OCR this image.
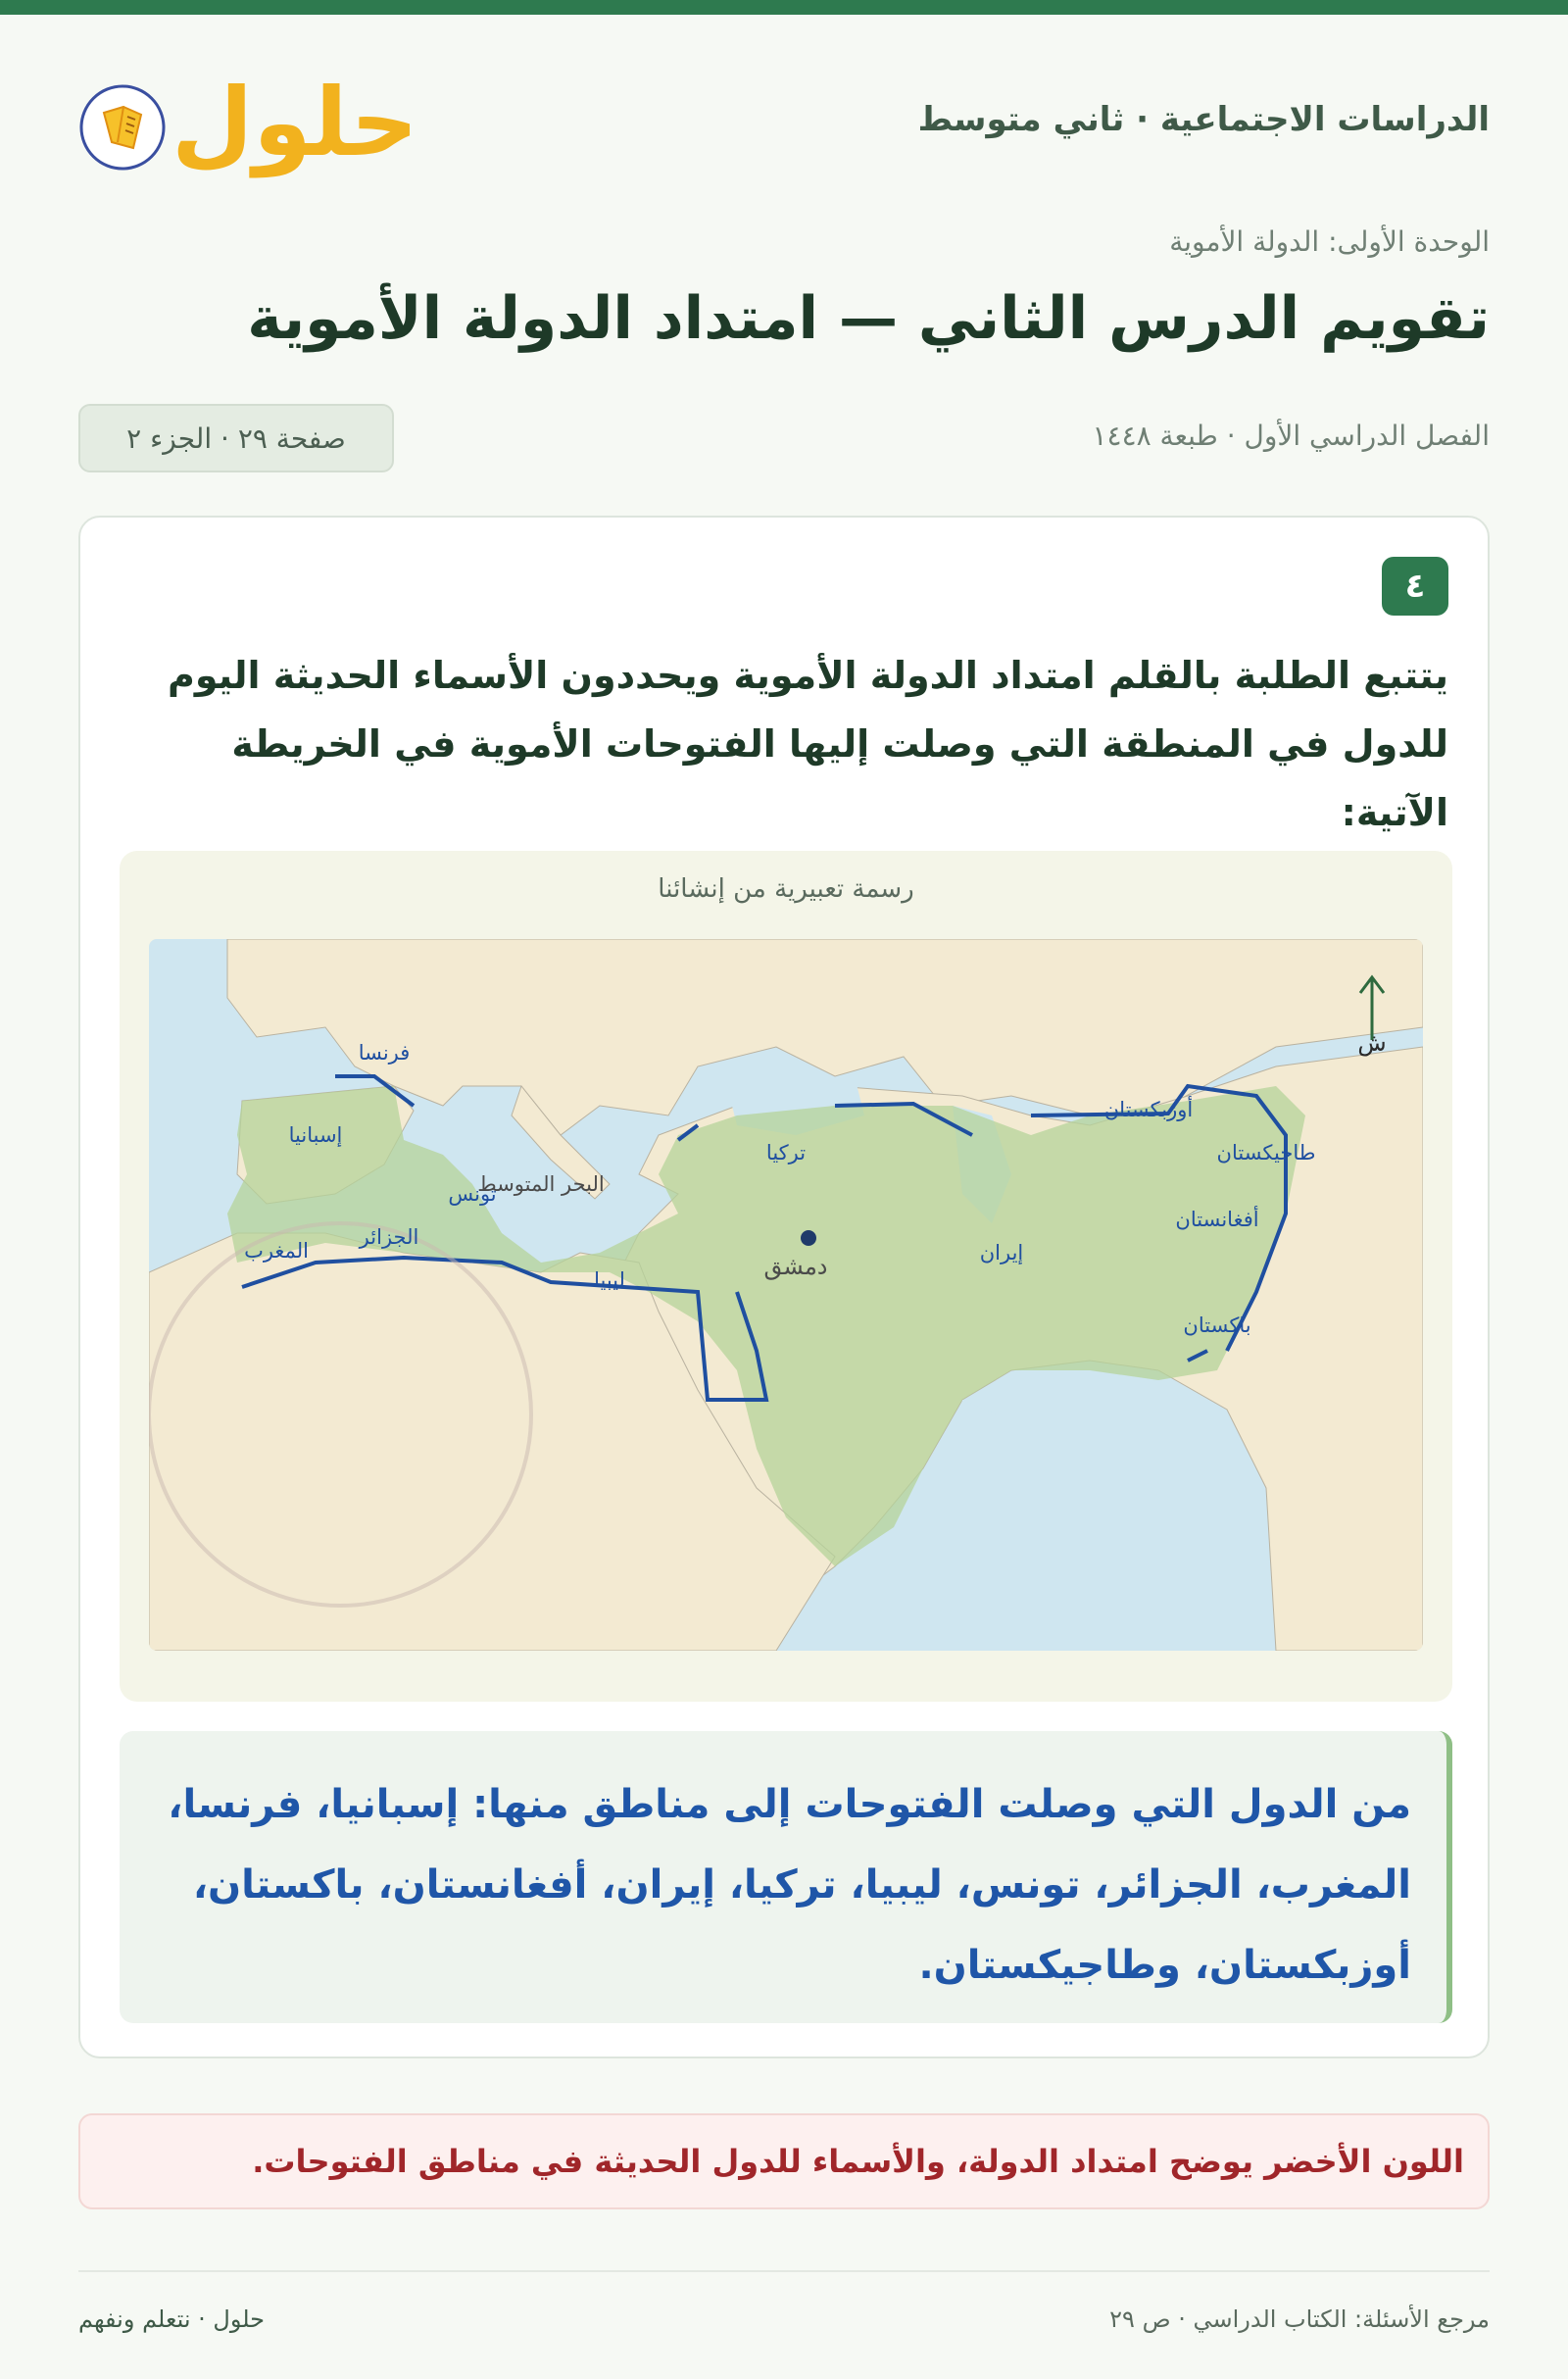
الدراسات الاجتماعية · ثاني متوسط
حلول
الوحدة الأولى: الدولة الأموية
تقويم الدرس الثاني — امتداد الدولة الأموية
الفصل الدراسي الأول · طبعة ١٤٤٨
صفحة ٢٩ · الجزء ٢
٤
يتتبع الطلبة بالقلم امتداد الدولة الأموية ويحددون الأسماء الحديثة اليوم للدول في المنطقة التي وصلت إليها الفتوحات الأموية في الخريطة الآتية:
رسمة تعبيرية من إنشائنا
فرنسا
إسبانيا
المغرب
الجزائر
تونس
البحر المتوسط
ليبيا
تركيا
دمشق	إيران
أوزبكستان
طاجيكستان
أفغانستان
باكستان
ش
من الدول التي وصلت الفتوحات إلى مناطق منها: إسبانيا، فرنسا، المغرب، الجزائر، تونس، ليبيا، تركيا، إيران، أفغانستان، باكستان، أوزبكستان، وطاجيكستان.
اللون الأخضر يوضح امتداد الدولة، والأسماء للدول الحديثة في مناطق الفتوحات.
مرجع الأسئلة: الكتاب الدراسي · ص ٢٩
حلول · نتعلم ونفهم
